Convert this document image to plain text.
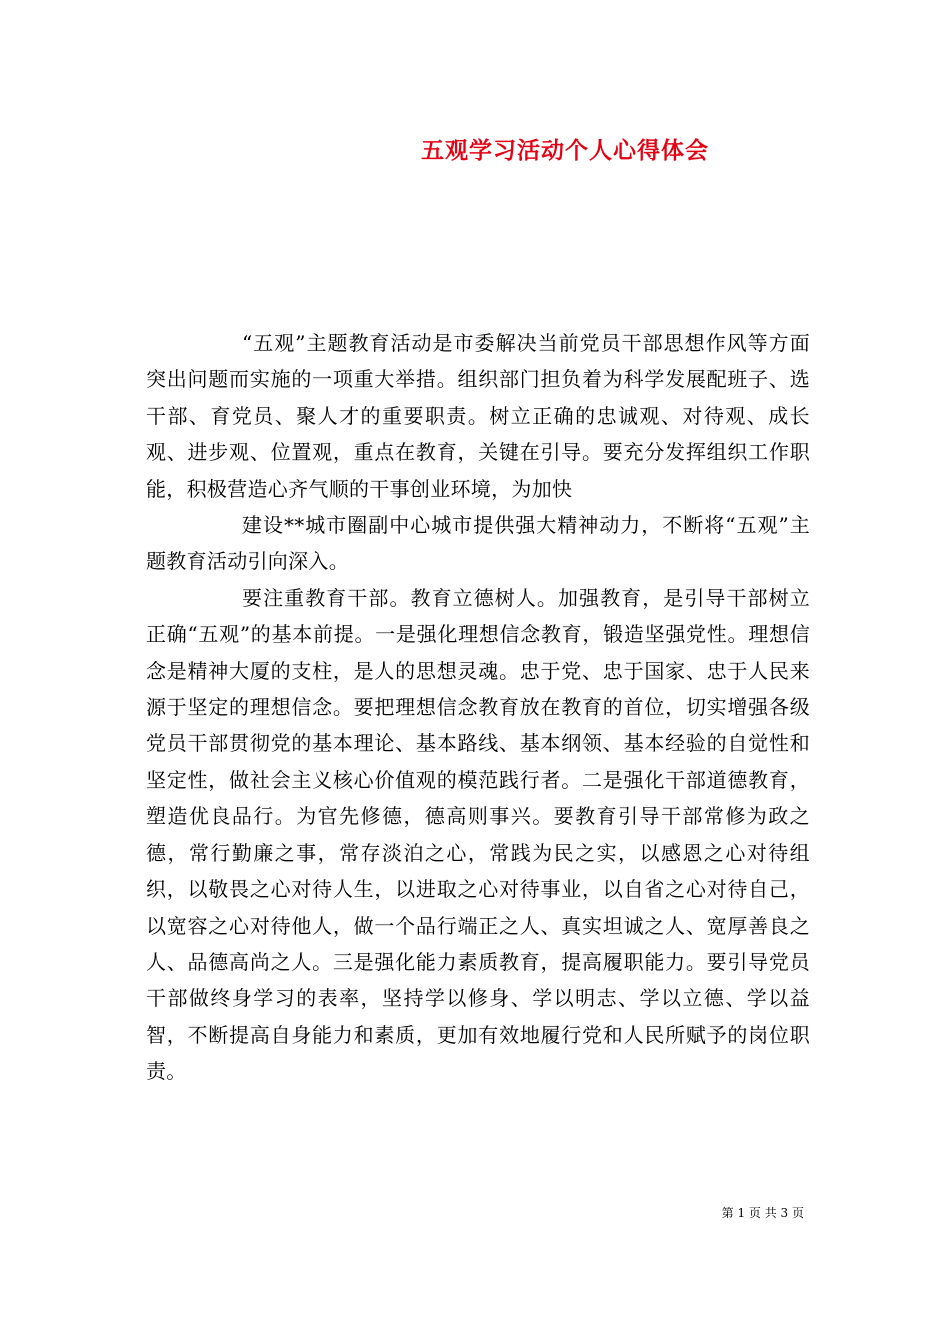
五观学习活动个人心得体会

“五观”主题教育活动是市委解决当前党员干部思想作风等方面突出问题而实施的一项重大举措。组织部门担负着为科学发展配班子、选干部、育党员、聚人才的重要职责。树立正确的忠诚观、对待观、成长观、进步观、位置观，重点在教育，关键在引导。要充分发挥组织工作职能，积极营造心齐气顺的干事创业环境，为加快

建设**城市圈副中心城市提供强大精神动力，不断将“五观”主题教育活动引向深入。

要注重教育干部。教育立德树人。加强教育，是引导干部树立正确“五观”的基本前提。一是强化理想信念教育，锻造坚强党性。理想信念是精神大厦的支柱，是人的思想灵魂。忠于党、忠于国家、忠于人民来源于坚定的理想信念。要把理想信念教育放在教育的首位，切实增强各级党员干部贯彻党的基本理论、基本路线、基本纲领、基本经验的自觉性和坚定性，做社会主义核心价值观的模范践行者。二是强化干部道德教育，塑造优良品行。为官先修德，德高则事兴。要教育引导干部常修为政之德，常行勤廉之事，常存淡泊之心，常践为民之实，以感恩之心对待组织，以敬畏之心对待人生，以进取之心对待事业，以自省之心对待自己，以宽容之心对待他人，做一个品行端正之人、真实坦诚之人、宽厚善良之人、品德高尚之人。三是强化能力素质教育，提高履职能力。要引导党员干部做终身学习的表率，坚持学以修身、学以明志、学以立德、学以益智，不断提高自身能力和素质，更加有效地履行党和人民所赋予的岗位职责。

第 1 页 共 3 页
